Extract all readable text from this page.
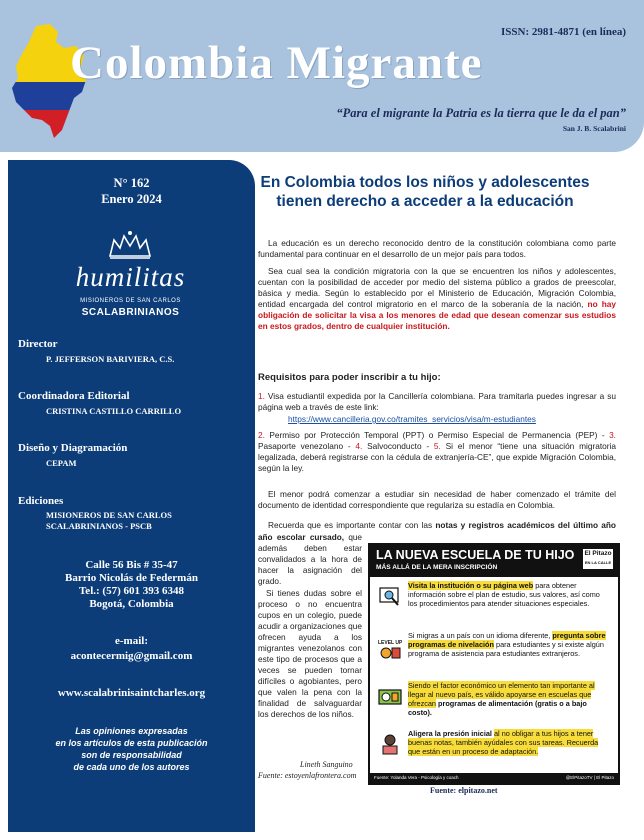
ISSN: 2981-4871 (en línea)
Colombia Migrante
“Para el migrante la Patria es la tierra que le da el pan”
San J. B. Scalabrini
N° 162
Enero 2024
humilitas
MISIONEROS DE SAN CARLOS
SCALABRINIANOS
Director
P. JEFFERSON BARIVIERA, C.S.
Coordinadora Editorial
CRISTINA CASTILLO CARRILLO
Diseño y Diagramación
CEPAM
Ediciones
MISIONEROS DE SAN CARLOS
SCALABRINIANOS - PSCB
Calle 56 Bis # 35-47
Barrio Nicolás de Federmán
Tel.: (57) 601 393 6348
Bogotá, Colombia
e-mail:
acontecermig@gmail.com
www.scalabrinisaintcharles.org
Las opiniones expresadas
en los artículos de esta publicación
son de responsabilidad
de cada uno de los autores
En Colombia todos los niños y adolescentes
tienen derecho a acceder a la educación
La educación es un derecho reconocido dentro de la constitución colombiana como parte fundamental para continuar en el desarrollo de un mejor país para todos.
Sea cual sea la condición migratoria con la que se encuentren los niños y adolescentes, cuentan con la posibilidad de acceder por medio del sistema público a grados de preescolar, básica y media. Según lo establecido por el Ministerio de Educación, Migración Colombia, entidad encargada del control migratorio en el marco de la soberanía de la nación, no hay obligación de solicitar la visa a los menores de edad que desean comenzar sus estudios en estos grados, dentro de cualquier institución.
Requisitos para poder inscribir a tu hijo:
1. Visa estudiantil expedida por la Cancillería colombiana. Para tramitarla puedes ingresar a su página web a través de este link:
https://www.cancilleria.gov.co/tramites_servicios/visa/m-estudiantes
2. Permiso por Protección Temporal (PPT) o Permiso Especial de Permanencia (PEP) - 3. Pasaporte venezolano - 4. Salvoconducto - 5. Si el menor “tiene una situación migratoria legalizada, deberá registrarse con la cédula de extranjería-CE”, que expide Migración Colombia, según la ley.
El menor podrá comenzar a estudiar sin necesidad de haber comenzado el trámite del documento de identidad correspondiente que regulariza su estadía en Colombia.
Recuerda que es importante contar con las notas y registros académicos del último año
año escolar cursado, que además deben estar convalidados a la hora de hacer la asignación del grado.
Si tienes dudas sobre el proceso o no encuentra cupos en un colegio, puede acudir a organizaciones que ofrecen ayuda a los migrantes venezolanos con este tipo de procesos que a veces se pueden tornar difíciles o agobiantes, pero que valen la pena con la finalidad de salvaguardar los derechos de los niños.
Lineth Sanguino
Fuente: estoyenlafrontera.com
LA NUEVA ESCUELA DE TU HIJO
MÁS ALLÁ DE LA MERA INSCRIPCIÓN
El Pitazo
EN LA CALLE
Visita la institución o su página web para obtener información sobre el plan de estudio, sus valores, así como los procedimientos para atender situaciones especiales.
LEVEL UP
Si migras a un país con un idioma diferente, pregunta sobre programas de nivelación para estudiantes y si existe algún programa de asistencia para estudiantes extranjeros.
Siendo el factor económico un elemento tan importante al llegar al nuevo país, es válido apoyarse en escuelas que ofrezcan programas de alimentación (gratis o a bajo costo).
Aligera la presión inicial al no obligar a tus hijos a tener buenas notas, también ayúdales con sus tareas. Recuerda que están en un proceso de adaptación.
Fuente: Yolanda Vera - Psicología y coach	@ElPitazoTV | El Pitazo
Fuente: elpitazo.net
